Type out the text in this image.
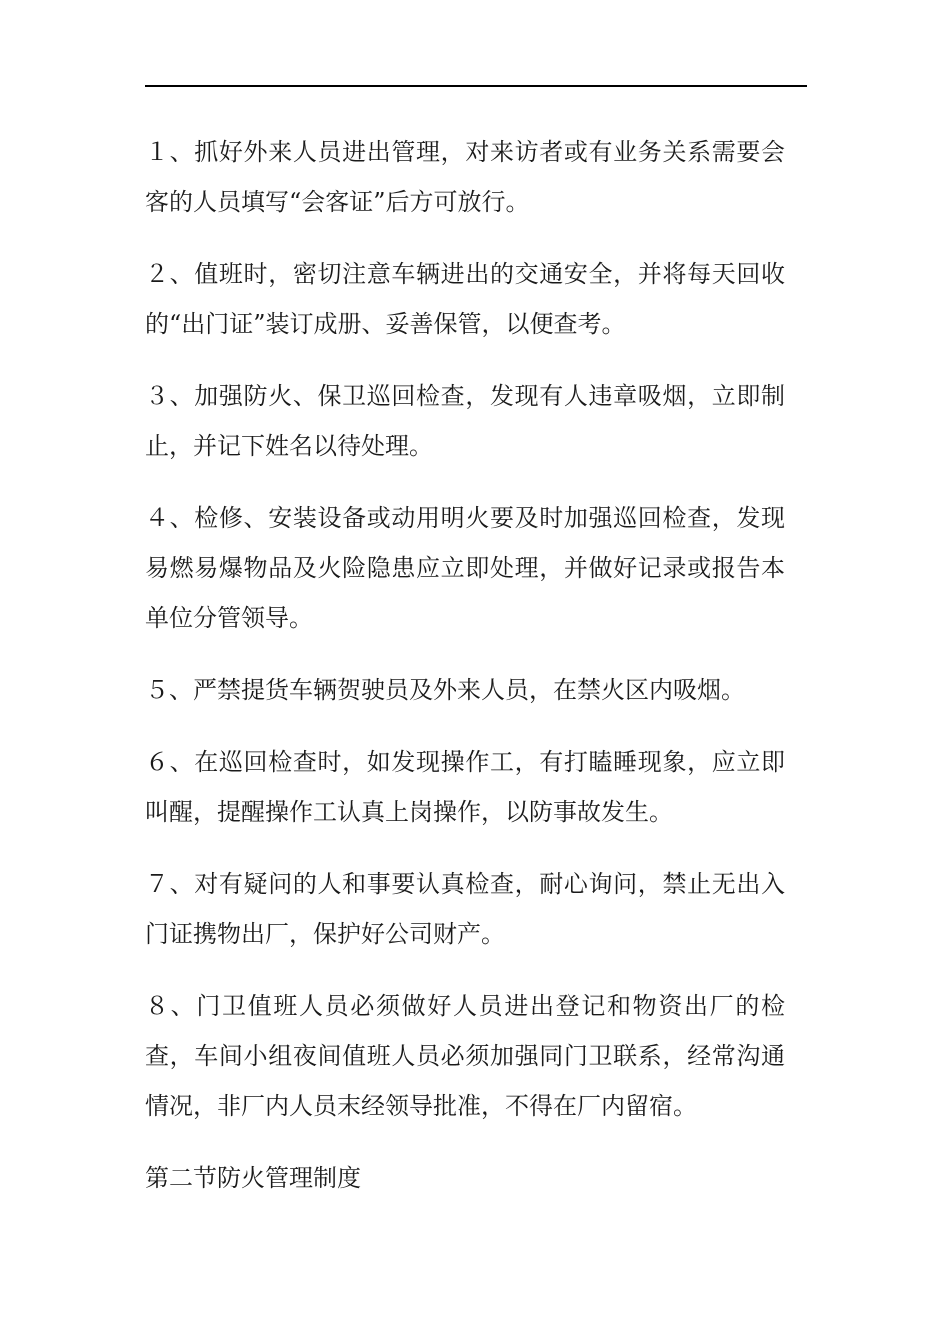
１、抓好外来人员进出管理，对来访者或有业务关系需要会客的人员填写“会客证”后方可放行。

２、值班时，密切注意车辆进出的交通安全，并将每天回收的“出门证”装订成册、妥善保管，以便查考。

３、加强防火、保卫巡回检查，发现有人违章吸烟，立即制止，并记下姓名以待处理。

４、检修、安装设备或动用明火要及时加强巡回检查，发现易燃易爆物品及火险隐患应立即处理，并做好记录或报告本单位分管领导。

５、严禁提货车辆贺驶员及外来人员，在禁火区内吸烟。

６、在巡回检查时，如发现操作工，有打瞌睡现象，应立即叫醒，提醒操作工认真上岗操作，以防事故发生。

７、对有疑问的人和事要认真检查，耐心询问，禁止无出入门证携物出厂，保护好公司财产。

８、门卫值班人员必须做好人员进出登记和物资出厂的检查，车间小组夜间值班人员必须加强同门卫联系，经常沟通情况，非厂内人员末经领导批准，不得在厂内留宿。

第二节防火管理制度
